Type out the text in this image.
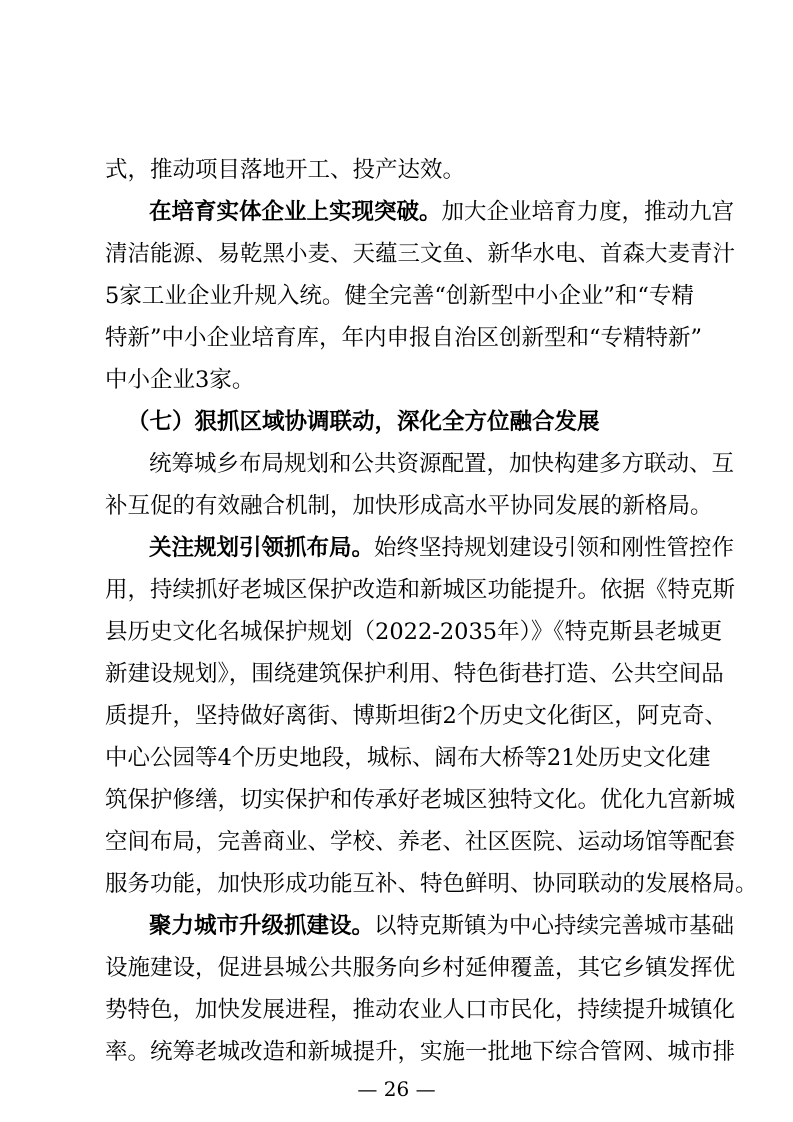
式，推动项目落地开工、投产达效。
在培育实体企业上实现突破。加大企业培育力度，推动九宫
清洁能源、易乾黑小麦、天蕴三文鱼、新华水电、首森大麦青汁
5家工业企业升规入统。健全完善“创新型中小企业”和“专精
特新”中小企业培育库，年内申报自治区创新型和“专精特新”
中小企业3家。
（七）狠抓区域协调联动，深化全方位融合发展
统筹城乡布局规划和公共资源配置，加快构建多方联动、互
补互促的有效融合机制，加快形成高水平协同发展的新格局。
关注规划引领抓布局。始终坚持规划建设引领和刚性管控作
用，持续抓好老城区保护改造和新城区功能提升。依据《特克斯
县历史文化名城保护规划（2022-2035年）》《特克斯县老城更
新建设规划》，围绕建筑保护利用、特色街巷打造、公共空间品
质提升，坚持做好离街、博斯坦街2个历史文化街区，阿克奇、
中心公园等4个历史地段，城标、阔布大桥等21处历史文化建
筑保护修缮，切实保护和传承好老城区独特文化。优化九宫新城
空间布局，完善商业、学校、养老、社区医院、运动场馆等配套
服务功能，加快形成功能互补、特色鲜明、协同联动的发展格局。
聚力城市升级抓建设。以特克斯镇为中心持续完善城市基础
设施建设，促进县城公共服务向乡村延伸覆盖，其它乡镇发挥优
势特色，加快发展进程，推动农业人口市民化，持续提升城镇化
率。统筹老城改造和新城提升，实施一批地下综合管网、城市排
— 26 —
